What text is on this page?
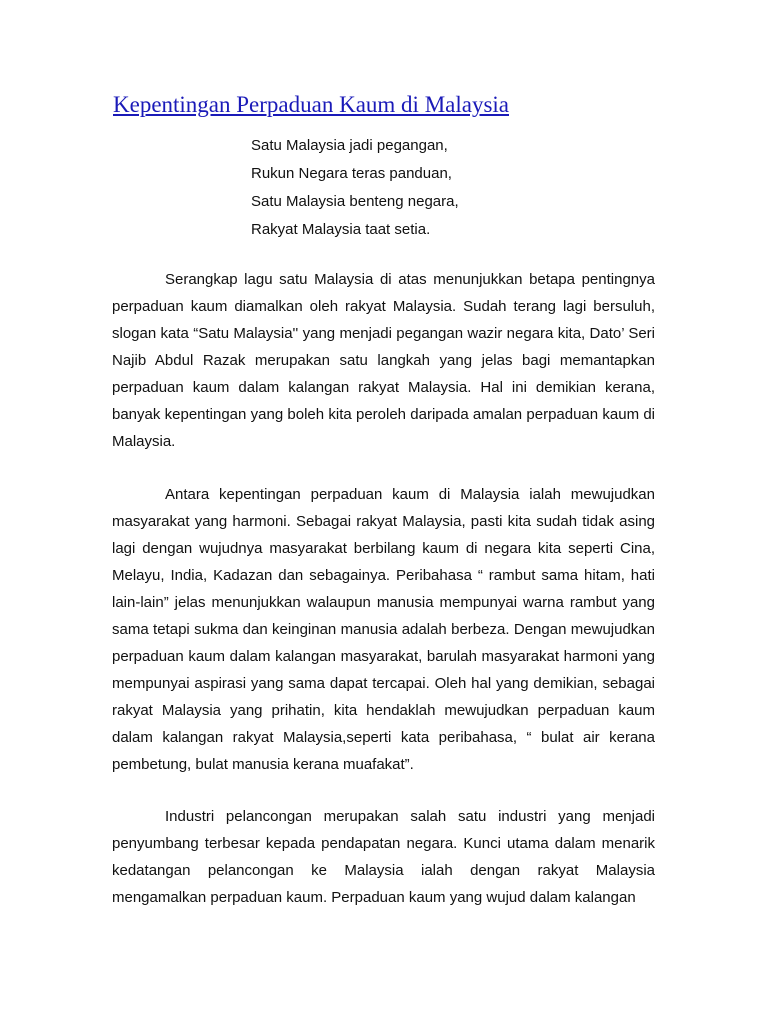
Kepentingan Perpaduan Kaum di Malaysia
Satu Malaysia jadi pegangan,
Rukun Negara teras panduan,
Satu Malaysia benteng negara,
Rakyat Malaysia taat setia.

Serangkap lagu satu Malaysia di atas menunjukkan betapa pentingnya perpaduan kaum diamalkan oleh rakyat Malaysia. Sudah terang lagi bersuluh, slogan kata “Satu Malaysia'' yang menjadi pegangan wazir negara kita, Dato’ Seri Najib Abdul Razak merupakan satu langkah yang jelas bagi memantapkan perpaduan kaum dalam kalangan rakyat Malaysia. Hal ini demikian kerana, banyak kepentingan yang boleh kita peroleh daripada amalan perpaduan kaum di Malaysia.

Antara kepentingan perpaduan kaum di Malaysia ialah mewujudkan masyarakat yang harmoni. Sebagai rakyat Malaysia, pasti kita sudah tidak asing lagi dengan wujudnya masyarakat berbilang kaum di negara kita seperti Cina, Melayu, India, Kadazan dan sebagainya. Peribahasa “ rambut sama hitam, hati lain-lain” jelas menunjukkan walaupun manusia mempunyai warna rambut yang sama tetapi sukma dan keinginan manusia adalah berbeza. Dengan mewujudkan perpaduan kaum dalam kalangan masyarakat, barulah masyarakat harmoni yang mempunyai aspirasi yang sama dapat tercapai. Oleh hal yang demikian, sebagai rakyat Malaysia yang prihatin, kita hendaklah mewujudkan perpaduan kaum dalam kalangan rakyat Malaysia,seperti kata peribahasa, “ bulat air kerana pembetung, bulat manusia kerana muafakat”.

Industri pelancongan merupakan salah satu industri yang menjadi penyumbang terbesar kepada pendapatan negara. Kunci utama dalam menarik kedatangan pelancongan ke Malaysia ialah dengan rakyat Malaysia mengamalkan perpaduan kaum. Perpaduan kaum yang wujud dalam kalangan
